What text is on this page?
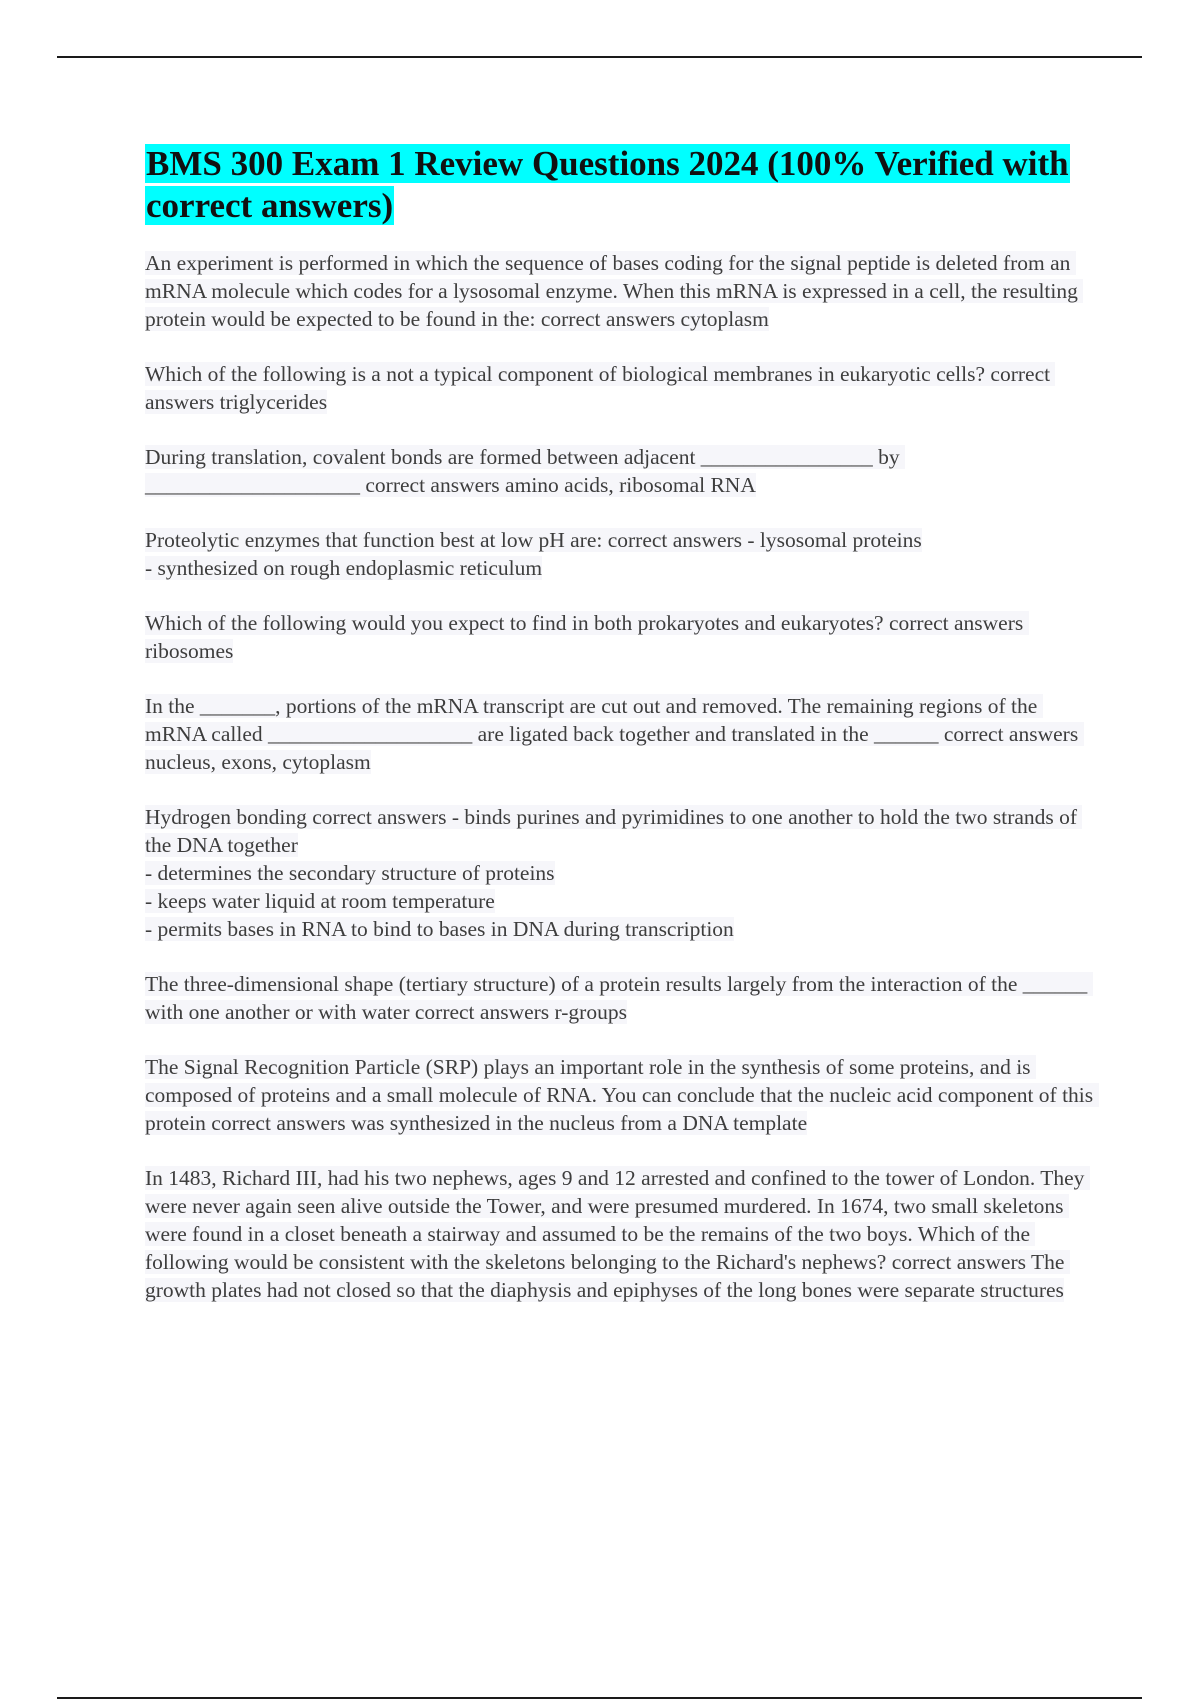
BMS 300 Exam 1 Review Questions 2024 (100% Verified with correct answers)

An experiment is performed in which the sequence of bases coding for the signal peptide is deleted from an mRNA molecule which codes for a lysosomal enzyme. When this mRNA is expressed in a cell, the resulting protein would be expected to be found in the: correct answers cytoplasm

Which of the following is a not a typical component of biological membranes in eukaryotic cells? correct answers triglycerides

During translation, covalent bonds are formed between adjacent ________________ by ____________________ correct answers amino acids, ribosomal RNA

Proteolytic enzymes that function best at low pH are: correct answers - lysosomal proteins
- synthesized on rough endoplasmic reticulum

Which of the following would you expect to find in both prokaryotes and eukaryotes? correct answers ribosomes

In the _______, portions of the mRNA transcript are cut out and removed. The remaining regions of the mRNA called ___________________ are ligated back together and translated in the ______ correct answers nucleus, exons, cytoplasm

Hydrogen bonding correct answers - binds purines and pyrimidines to one another to hold the two strands of the DNA together
- determines the secondary structure of proteins
- keeps water liquid at room temperature
- permits bases in RNA to bind to bases in DNA during transcription

The three-dimensional shape (tertiary structure) of a protein results largely from the interaction of the ______ with one another or with water correct answers r-groups

The Signal Recognition Particle (SRP) plays an important role in the synthesis of some proteins, and is composed of proteins and a small molecule of RNA. You can conclude that the nucleic acid component of this protein correct answers was synthesized in the nucleus from a DNA template

In 1483, Richard III, had his two nephews, ages 9 and 12 arrested and confined to the tower of London. They were never again seen alive outside the Tower, and were presumed murdered. In 1674, two small skeletons were found in a closet beneath a stairway and assumed to be the remains of the two boys. Which of the following would be consistent with the skeletons belonging to the Richard's nephews? correct answers The growth plates had not closed so that the diaphysis and epiphyses of the long bones were separate structures
